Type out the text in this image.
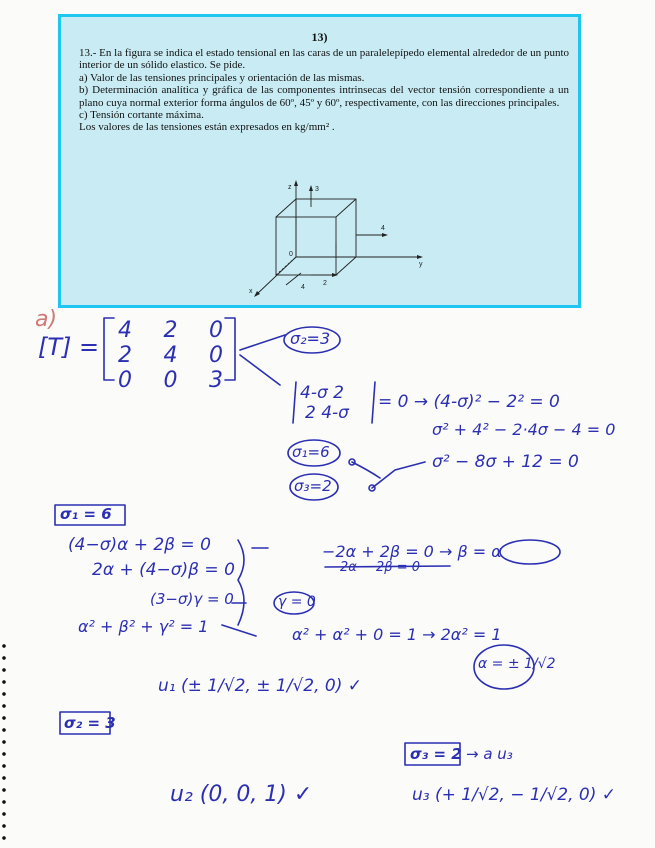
13)

13.- En la figura se indica el estado tensional en las caras de un paralelepípedo elemental alrededor de un punto interior de un sólido elastico. Se pide.

a) Valor de las tensiones principales y orientación de las mismas.

b) Determinación analítica y gráfica de las componentes intrinsecas del vector tensión correspondiente a un plano cuya normal exterior forma ángulos de 60º, 45º y 60º, respectivamente, con las direcciones principales.

c) Tensión cortante máxima.

Los valores de las tensiones están expresados en kg/mm² .

z	3
4
y
0
4
2
x
a)
[T] =
4 2 0
2 4 0
0 0 3
σ₂=3
4-σ 2
2 4-σ
= 0 → (4-σ)² − 2² = 0
σ² + 4² − 2·4σ − 4 = 0
σ₁=6
σ₃=2
σ² − 8σ + 12 = 0
σ₁ = 6
(4−σ)α + 2β = 0
2α + (4−σ)β = 0
(3−σ)γ = 0
α² + β² + γ² = 1
−2α + 2β = 0 → β = α
2α − 2β = 0
γ = 0
α² + α² + 0 = 1 → 2α² = 1
α = ± 1/√2
u₁ (± 1/√2, ± 1/√2, 0) ✓
σ₂ = 3
u₂ (0, 0, 1) ✓
σ₃ = 2 → a u₃
u₃ (+ 1/√2, − 1/√2, 0) ✓
